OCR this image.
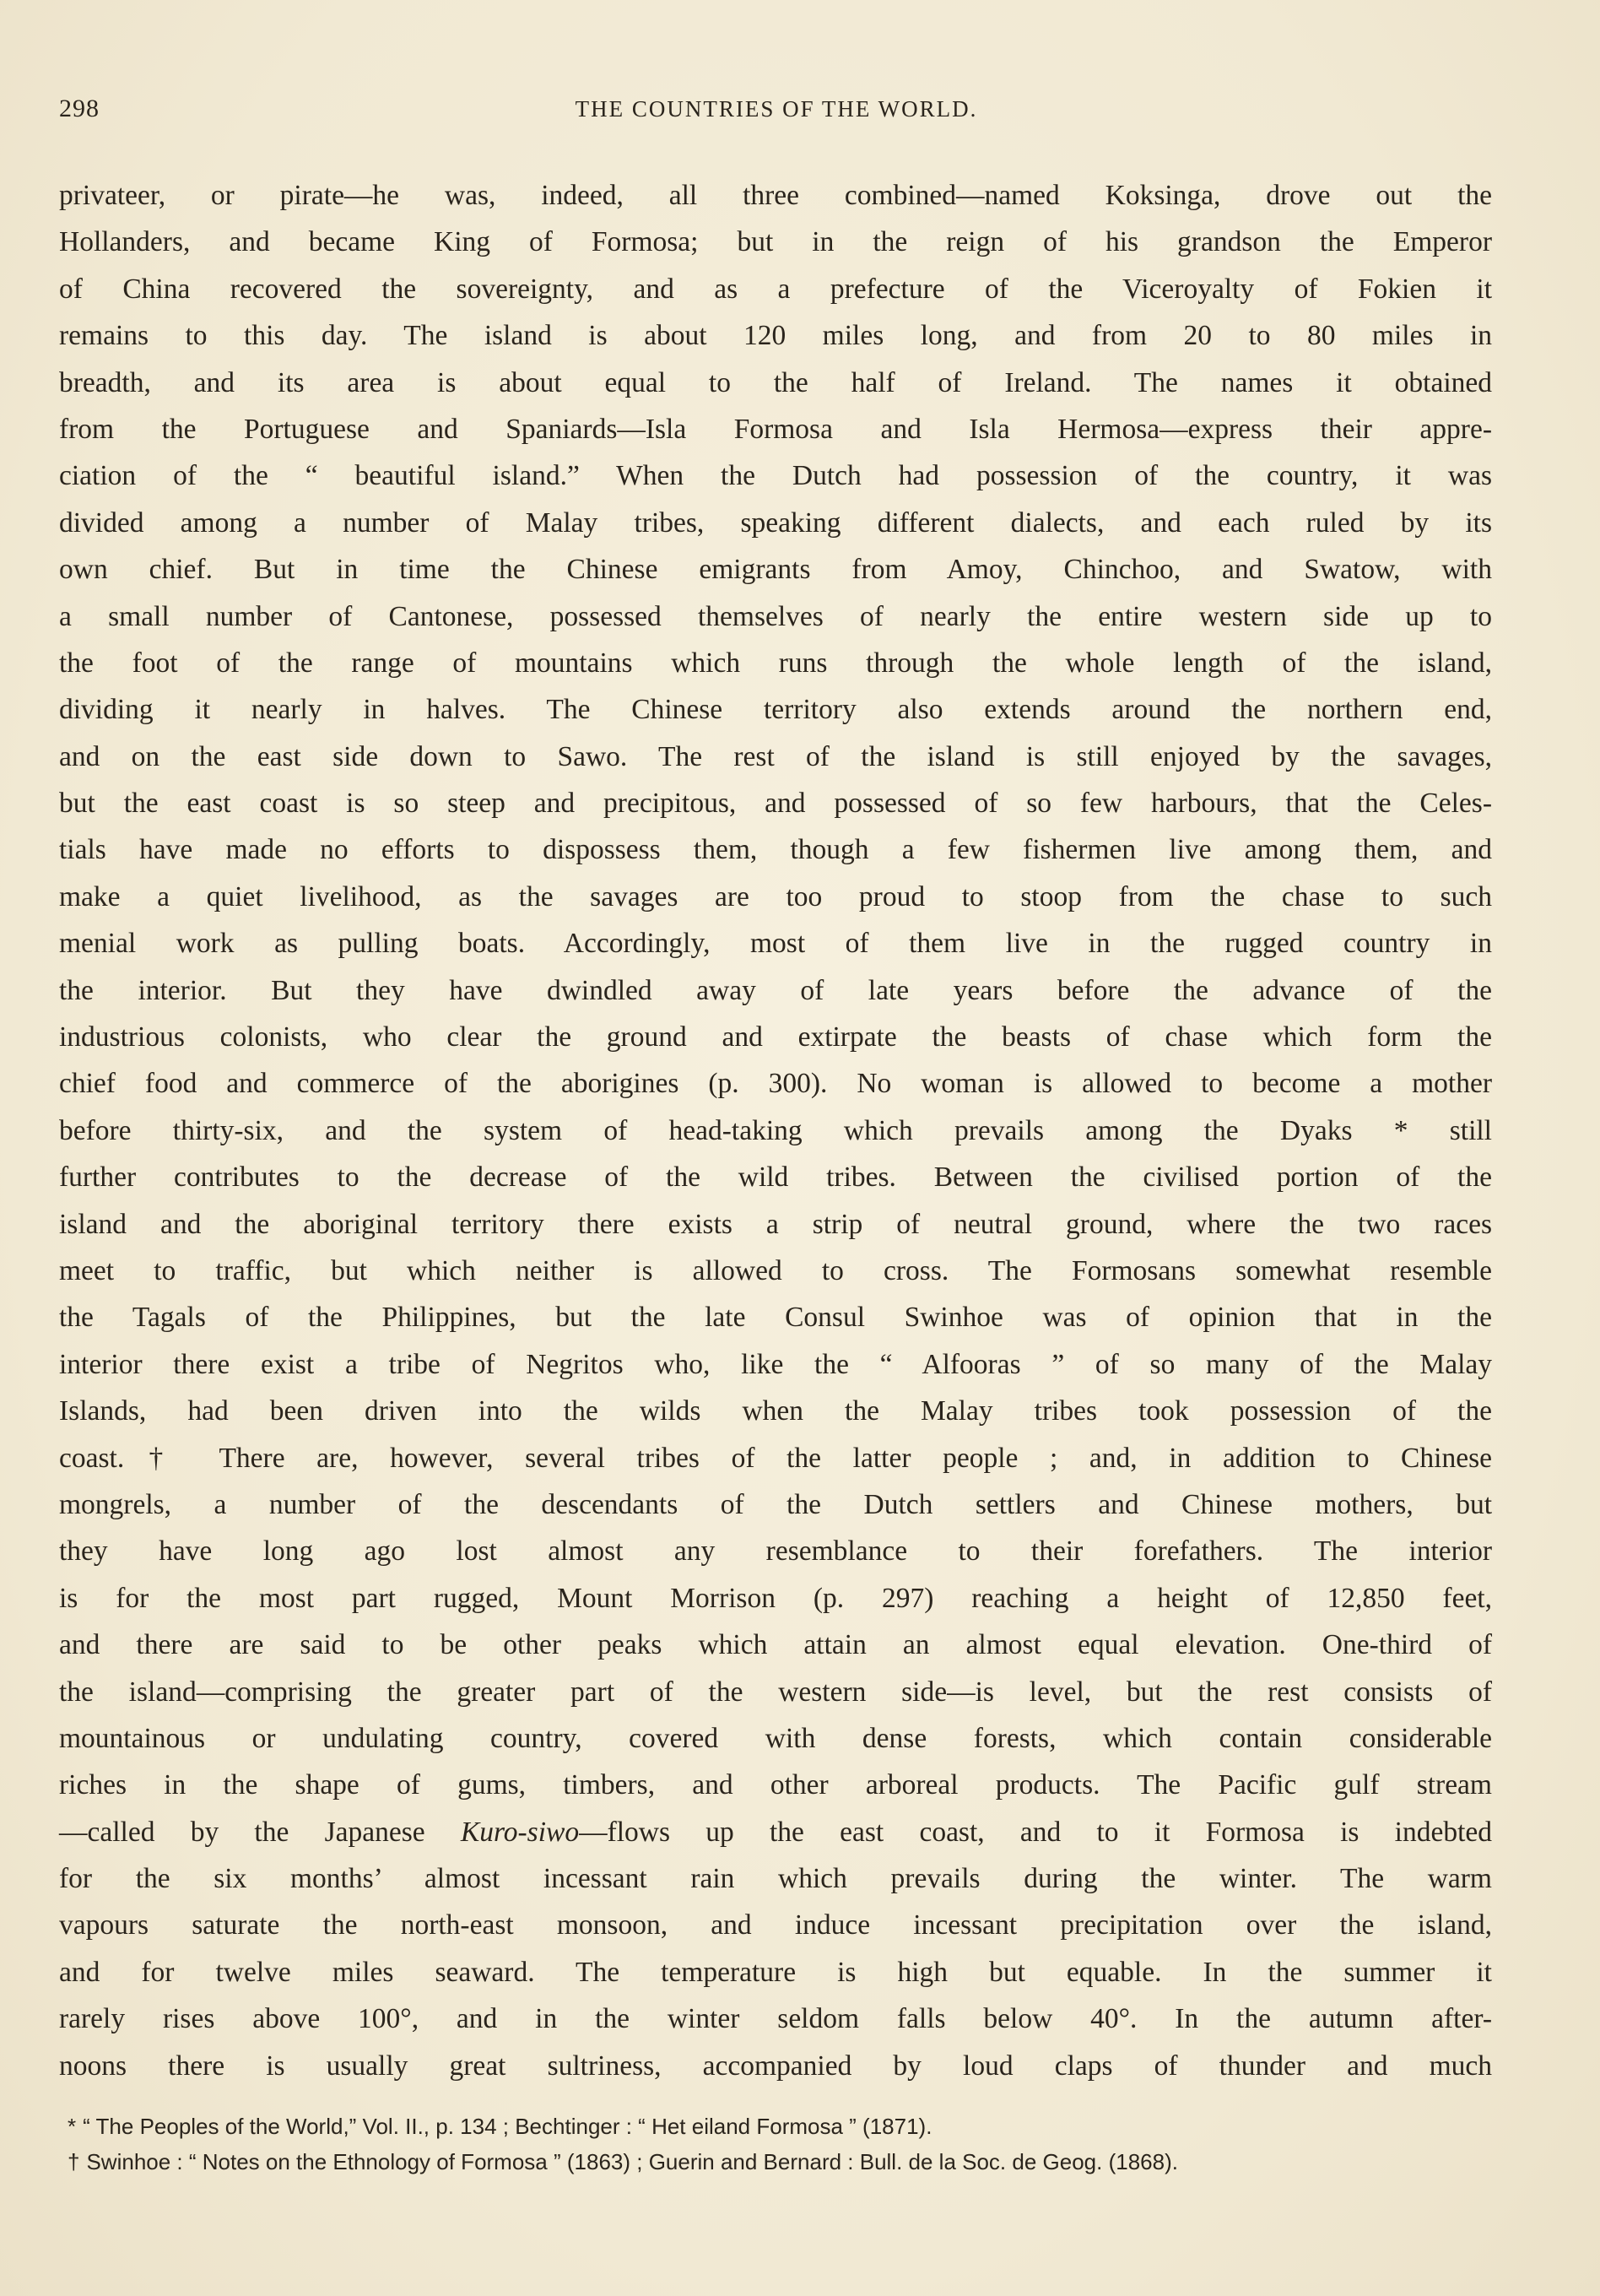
298	THE COUNTRIES OF THE WORLD.
privateer, or pirate—he was, indeed, all three combined—named Koksinga, drove out the
Hollanders, and became King of Formosa; but in the reign of his grandson the Emperor
of China recovered the sovereignty, and as a prefecture of the Viceroyalty of Fokien it
remains to this day. The island is about 120 miles long, and from 20 to 80 miles in
breadth, and its area is about equal to the half of Ireland. The names it obtained
from the Portuguese and Spaniards—Isla Formosa and Isla Hermosa—express their appre-
ciation of the “ beautiful island.” When the Dutch had possession of the country, it was
divided among a number of Malay tribes, speaking different dialects, and each ruled by its
own chief. But in time the Chinese emigrants from Amoy, Chinchoo, and Swatow, with
a small number of Cantonese, possessed themselves of nearly the entire western side up to
the foot of the range of mountains which runs through the whole length of the island,
dividing it nearly in halves. The Chinese territory also extends around the northern end,
and on the east side down to Sawo. The rest of the island is still enjoyed by the savages,
but the east coast is so steep and precipitous, and possessed of so few harbours, that the Celes-
tials have made no efforts to dispossess them, though a few fishermen live among them, and
make a quiet livelihood, as the savages are too proud to stoop from the chase to such
menial work as pulling boats. Accordingly, most of them live in the rugged country in
the interior. But they have dwindled away of late years before the advance of the
industrious colonists, who clear the ground and extirpate the beasts of chase which form the
chief food and commerce of the aborigines (p. 300). No woman is allowed to become a mother
before thirty-six, and the system of head-taking which prevails among the Dyaks * still
further contributes to the decrease of the wild tribes. Between the civilised portion of the
island and the aboriginal territory there exists a strip of neutral ground, where the two races
meet to traffic, but which neither is allowed to cross. The Formosans somewhat resemble
the Tagals of the Philippines, but the late Consul Swinhoe was of opinion that in the
interior there exist a tribe of Negritos who, like the “ Alfooras ” of so many of the Malay
Islands, had been driven into the wilds when the Malay tribes took possession of the
coast.† There are, however, several tribes of the latter people ; and, in addition to Chinese
mongrels, a number of the descendants of the Dutch settlers and Chinese mothers, but
they have long ago lost almost any resemblance to their forefathers. The interior
is for the most part rugged, Mount Morrison (p. 297) reaching a height of 12,850 feet,
and there are said to be other peaks which attain an almost equal elevation. One-third of
the island—comprising the greater part of the western side—is level, but the rest consists of
mountainous or undulating country, covered with dense forests, which contain considerable
riches in the shape of gums, timbers, and other arboreal products. The Pacific gulf stream
—called by the Japanese Kuro-siwo—flows up the east coast, and to it Formosa is indebted
for the six months’ almost incessant rain which prevails during the winter. The warm
vapours saturate the north-east monsoon, and induce incessant precipitation over the island,
and for twelve miles seaward. The temperature is high but equable. In the summer it
rarely rises above 100°, and in the winter seldom falls below 40°. In the autumn after-
noons there is usually great sultriness, accompanied by loud claps of thunder and much
* “ The Peoples of the World,” Vol. II., p. 134 ; Bechtinger : “ Het eiland Formosa ” (1871).
† Swinhoe : “ Notes on the Ethnology of Formosa ” (1863) ; Guerin and Bernard : Bull. de la Soc. de Geog. (1868).
